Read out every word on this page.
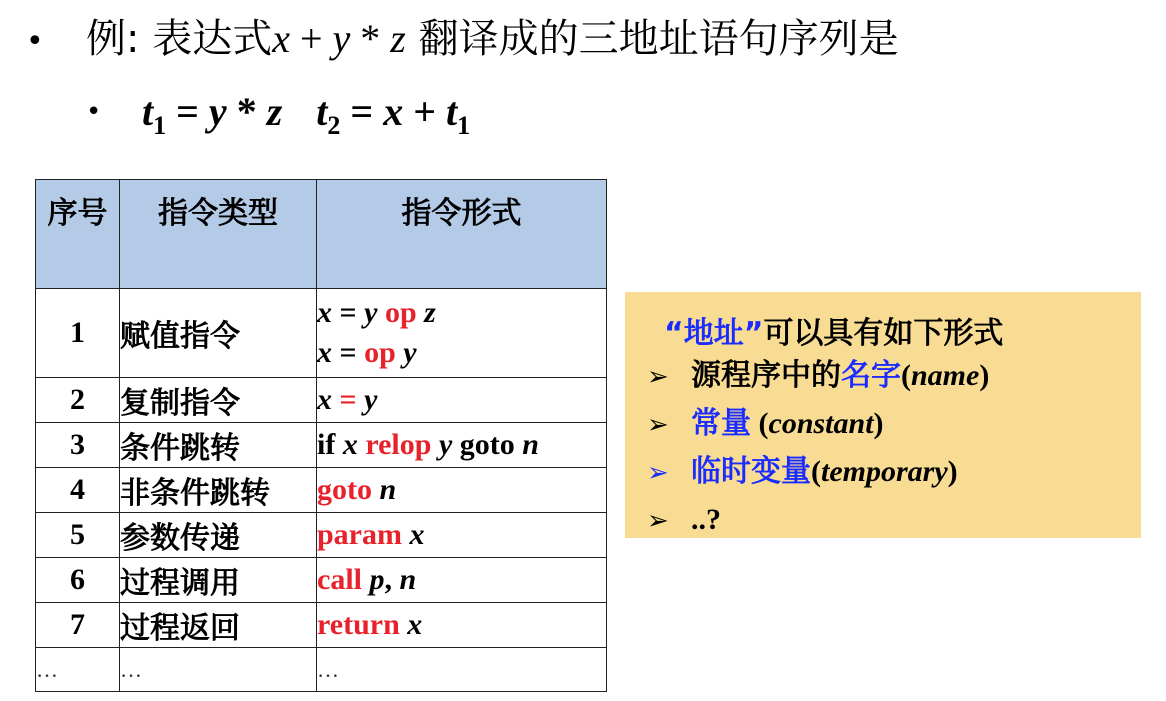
• 例: 表达式x + y * z 翻译成的三地址语句序列是
• $t_1 = y * z$ $t_2 = x + t_1$
序号	指令类型	指令形式
1	赋值指令	x = y op z
x = op y

2	复制指令	x = y
3	条件跳转	if x relop y goto n
4	非条件跳转	goto n
5	参数传递	param x
6	过程调用	call p, n
7	过程返回	return x
…	…	…
“地址”可以具有如下形式
➢ 源程序中的名字(name)
➢ 常量 (constant)
➢ 临时变量(temporary)
➢ ..?
